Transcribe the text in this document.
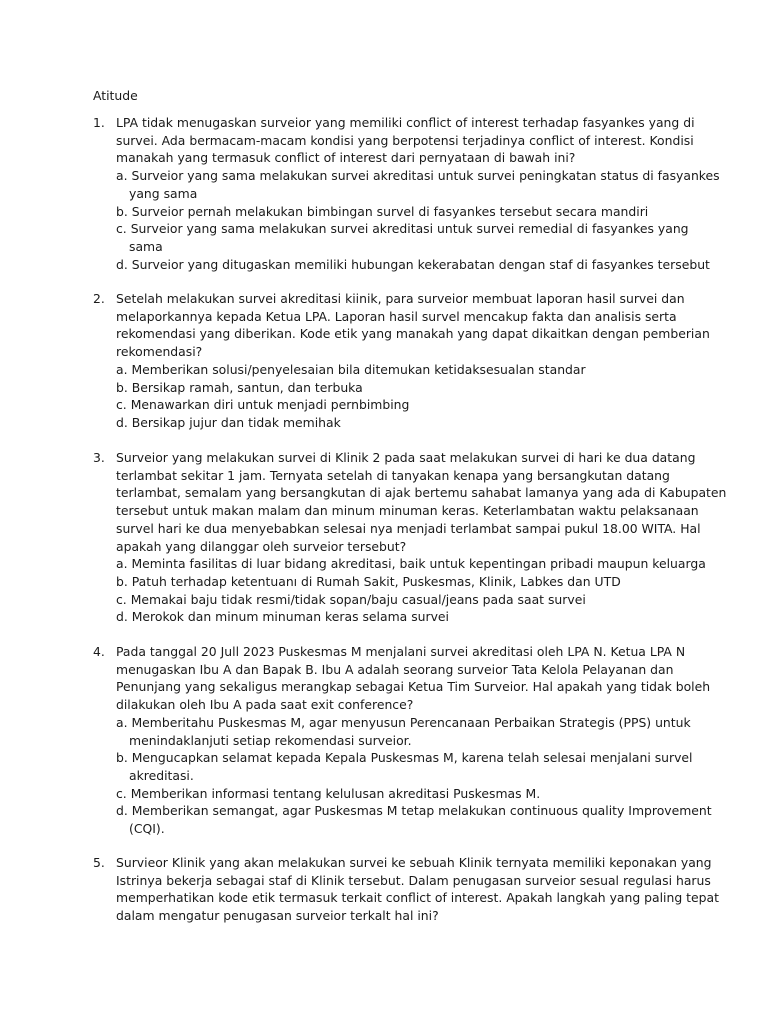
Atitude
1. LPA tidak menugaskan surveior yang memiliki conflict of interest terhadap fasyankes yang di
survei. Ada bermacam-macam kondisi yang berpotensi terjadinya conflict of interest. Kondisi
manakah yang termasuk conflict of interest dari pernyataan di bawah ini?
a. Surveior yang sama melakukan survei akreditasi untuk survei peningkatan status di fasyankes
yang sama
b. Surveior pernah melakukan bimbingan survel di fasyankes tersebut secara mandiri
c. Surveior yang sama melakukan survei akreditasi untuk survei remedial di fasyankes yang
sama
d. Surveior yang ditugaskan memiliki hubungan kekerabatan dengan staf di fasyankes tersebut
2. Setelah melakukan survei akreditasi kiinik, para surveior membuat laporan hasil survei dan
melaporkannya kepada Ketua LPA. Laporan hasil survel mencakup fakta dan analisis serta
rekomendasi yang diberikan. Kode etik yang manakah yang dapat dikaitkan dengan pemberian
rekomendasi?
a. Memberikan solusi/penyelesaian bila ditemukan ketidaksesualan standar
b. Bersikap ramah, santun, dan terbuka
c. Menawarkan diri untuk menjadi pernbimbing
d. Bersikap jujur dan tidak memihak
3. Surveior yang melakukan survei di Klinik 2 pada saat melakukan survei di hari ke dua datang
terlambat sekitar 1 jam. Ternyata setelah di tanyakan kenapa yang bersangkutan datang
terlambat, semalam yang bersangkutan di ajak bertemu sahabat lamanya yang ada di Kabupaten
tersebut untuk makan malam dan minum minuman keras. Keterlambatan waktu pelaksanaan
survel hari ke dua menyebabkan selesai nya menjadi terlambat sampai pukul 18.00 WITA. Hal
apakah yang dilanggar oleh surveior tersebut?
a. Meminta fasilitas di luar bidang akreditasi, baik untuk kepentingan pribadi maupun keluarga
b. Patuh terhadap ketentuanı di Rumah Sakit, Puskesmas, Klinik, Labkes dan UTD
c. Memakai baju tidak resmi/tidak sopan/baju casual/jeans pada saat survei
d. Merokok dan minum minuman keras selama survei
4. Pada tanggal 20 Jull 2023 Puskesmas M menjalani survei akreditasi oleh LPA N. Ketua LPA N
menugaskan Ibu A dan Bapak B. Ibu A adalah seorang surveior Tata Kelola Pelayanan dan
Penunjang yang sekaligus merangkap sebagai Ketua Tim Surveior. Hal apakah yang tidak boleh
dilakukan oleh Ibu A pada saat exit conference?
a. Memberitahu Puskesmas M, agar menyusun Perencanaan Perbaikan Strategis (PPS) untuk
menindaklanjuti setiap rekomendasi surveior.
b. Mengucapkan selamat kepada Kepala Puskesmas M, karena telah selesai menjalani survel
akreditasi.
c. Memberikan informasi tentang kelulusan akreditasi Puskesmas M.
d. Memberikan semangat, agar Puskesmas M tetap melakukan continuous quality Improvement
(CQI).
5. Survieor Klinik yang akan melakukan survei ke sebuah Klinik ternyata memiliki keponakan yang
Istrinya bekerja sebagai staf di Klinik tersebut. Dalam penugasan surveior sesual regulasi harus
memperhatikan kode etik termasuk terkait conflict of interest. Apakah langkah yang paling tepat
dalam mengatur penugasan surveior terkalt hal ini?
